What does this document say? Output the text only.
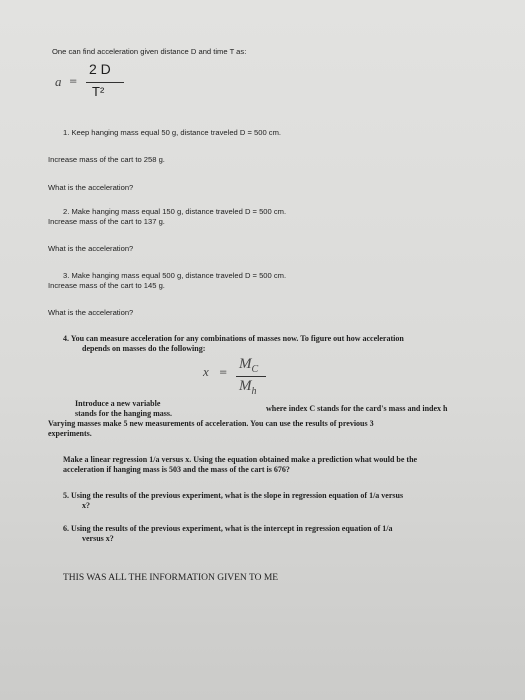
One can find acceleration given distance D and time T as:
a =
2 D
T²
1. Keep hanging mass equal 50 g, distance traveled D = 500 cm.
Increase mass of the cart to 258 g.
What is the acceleration?
2. Make hanging mass equal 150 g, distance traveled D = 500 cm.
Increase mass of the cart to 137 g.
What is the acceleration?
3. Make hanging mass equal 500 g, distance traveled D = 500 cm.
Increase mass of the cart to 145 g.
What is the acceleration?
4. You can measure acceleration for any combinations of masses now. To figure out how acceleration
depends on masses do the following:
x =
$M_C$
$M_h$
Introduce a new variable
where index C stands for the card's mass and index h
stands for the hanging mass.
Varying masses make 5 new measurements of acceleration. You can use the results of previous 3
experiments.
Make a linear regression 1/a versus x. Using the equation obtained make a prediction what would be the
acceleration if hanging mass is 503 and the mass of the cart is 676?
5. Using the results of the previous experiment, what is the slope in regression equation of 1/a versus
x?
6. Using the results of the previous experiment, what is the intercept in regression equation of 1/a
versus x?
THIS WAS ALL THE INFORMATION GIVEN TO ME
